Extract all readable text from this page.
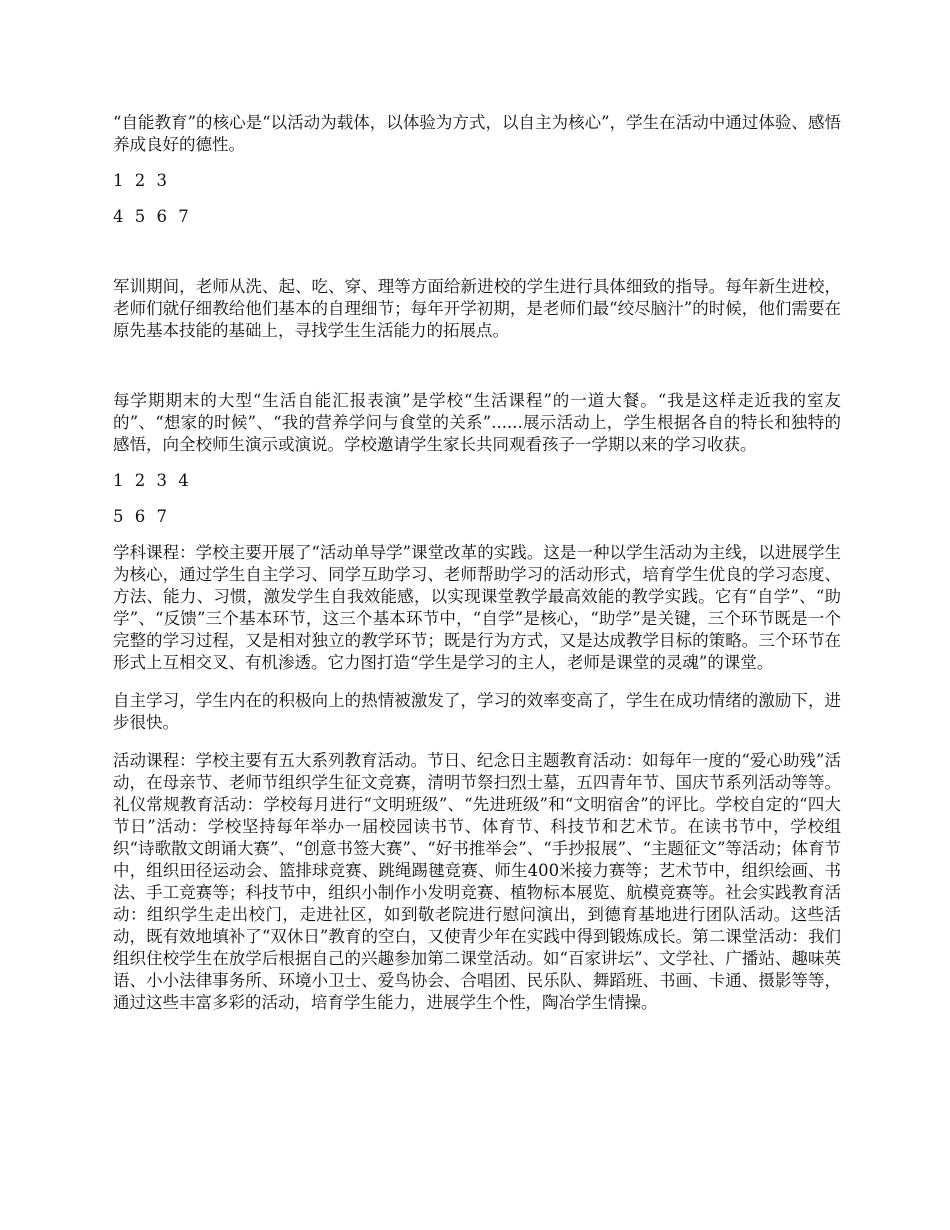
“自能教育”的核心是“以活动为载体，以体验为方式，以自主为核心”，学生在活动中通过体验、感悟养成良好的德性。

1 2 3

4 5 6 7

军训期间，老师从洗、起、吃、穿、理等方面给新进校的学生进行具体细致的指导。每年新生进校，老师们就仔细教给他们基本的自理细节；每年开学初期，是老师们最“绞尽脑汁”的时候，他们需要在原先基本技能的基础上，寻找学生生活能力的拓展点。

每学期期末的大型“生活自能汇报表演”是学校“生活课程”的一道大餐。“我是这样走近我的室友的”、“想家的时候”、“我的营养学问与食堂的关系”......展示活动上，学生根据各自的特长和独特的感悟，向全校师生演示或演说。学校邀请学生家长共同观看孩子一学期以来的学习收获。

1 2 3 4

5 6 7

学科课程：学校主要开展了“活动单导学”课堂改革的实践。这是一种以学生活动为主线，以进展学生为核心，通过学生自主学习、同学互助学习、老师帮助学习的活动形式，培育学生优良的学习态度、方法、能力、习惯，激发学生自我效能感，以实现课堂教学最高效能的教学实践。它有“自学”、“助学”、“反馈”三个基本环节，这三个基本环节中，“自学”是核心，“助学”是关键，三个环节既是一个完整的学习过程，又是相对独立的教学环节；既是行为方式，又是达成教学目标的策略。三个环节在形式上互相交叉、有机渗透。它力图打造“学生是学习的主人，老师是课堂的灵魂”的课堂。

自主学习，学生内在的积极向上的热情被激发了，学习的效率变高了，学生在成功情绪的激励下，进步很快。

活动课程：学校主要有五大系列教育活动。节日、纪念日主题教育活动：如每年一度的“爱心助残”活动，在母亲节、老师节组织学生征文竞赛，清明节祭扫烈士墓，五四青年节、国庆节系列活动等等。礼仪常规教育活动：学校每月进行“文明班级”、“先进班级”和“文明宿舍”的评比。学校自定的“四大节日”活动：学校坚持每年举办一届校园读书节、体育节、科技节和艺术节。在读书节中，学校组织“诗歌散文朗诵大赛”、“创意书签大赛”、“好书推举会”、“手抄报展”、“主题征文”等活动；体育节中，组织田径运动会、篮排球竞赛、跳绳踢毽竞赛、师生400米接力赛等；艺术节中，组织绘画、书法、手工竞赛等；科技节中，组织小制作小发明竞赛、植物标本展览、航模竞赛等。社会实践教育活动：组织学生走出校门，走进社区，如到敬老院进行慰问演出，到德育基地进行团队活动。这些活动，既有效地填补了“双休日”教育的空白，又使青少年在实践中得到锻炼成长。第二课堂活动：我们组织住校学生在放学后根据自己的兴趣参加第二课堂活动。如“百家讲坛”、文学社、广播站、趣味英语、小小法律事务所、环境小卫士、爱鸟协会、合唱团、民乐队、舞蹈班、书画、卡通、摄影等等，通过这些丰富多彩的活动，培育学生能力，进展学生个性，陶冶学生情操。
